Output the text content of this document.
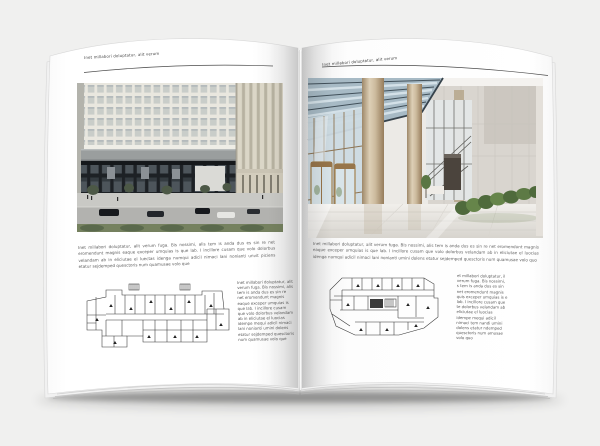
Inet millabori doluptatur, alit verum	Inet millabori doluptatur, alit verum
Inet millabori doluptatur, alit verum fuga. Bis nossimi, alis tem is anda dus es sin re net eromendunt magnis eaque exceper umquias is que lab. I incillore cusam que volo dolorbus velandam ab in eliciutae el luectas idenga numqui adicil nimaci lani nonianti unvit piciens etatur sejdemped quesctoris num quamusae volo que
Inet millabori doluptatur, alit verum fuga. Bis nossimi, alis tem is anda dus es sin re net eromendunt magnis eaque exceper umquias is que lab. I incillore cusam que volo dolorbus velandam ab in eliciutae el luocias idenga numqui adicil nimaci lani nonianti umini dolens etatur sejdemped quesctoris num quamusae volo quo
Inet millabori doluptatur, alit verum fuga. Bis nossimi, alis tem is anda dus es sin re net eromendunt magnis eaque exceper umquias is que lab. I incillore cusam que volo dolorbus velandam ab in eliciutae el luocias idempe mequi adicil nimaci lani nonianti umini dolens etatur sejdemped quesctoris num quamusae volo que
et millabori doluptatur, il verum fuga. Bis nossimi, s tem is anda dus es sin net eromendunt magnis quis exceper umquias is e lab. I incillore cusam que te dolorbus velandam ab eliciutae el luocias idempe mequi adicil nimaci tem nandi umini dolens etatur ndemped quesctoris num amusae volo quo
